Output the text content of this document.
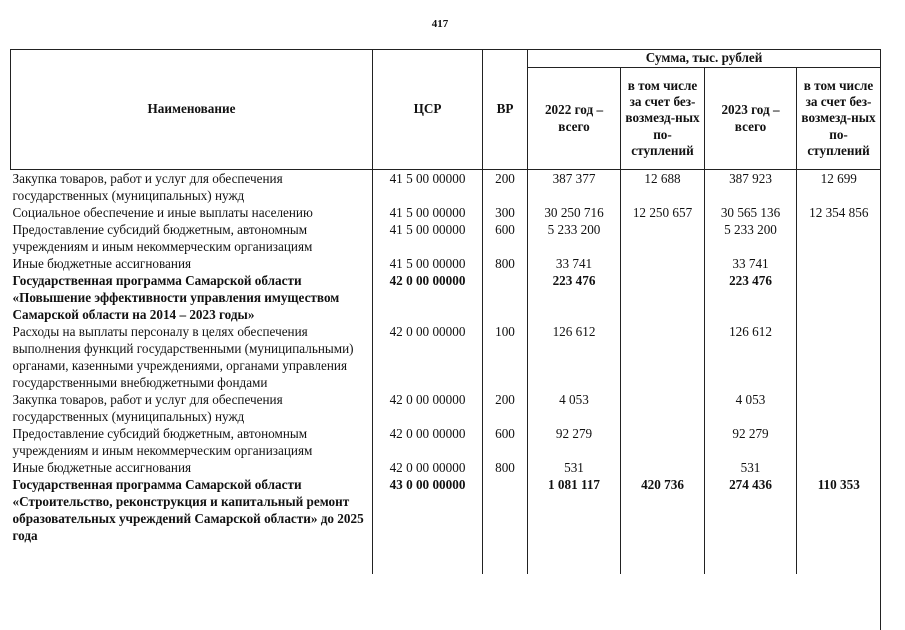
417
Наименование	ЦСР	ВР	Сумма, тыс. рублей			
			2022 год – всего	в том числе за счет без-возмезд-ных по-ступлений	2023 год – всего	в том числе за счет без-возмезд-ных по-ступлений
Закупка товаров, работ и услуг для обеспечения государственных (муниципальных) нужд	41 5 00 00000	200	387 377	12 688	387 923	12 699
Социальное обеспечение и иные выплаты населению	41 5 00 00000	300	30 250 716	12 250 657	30 565 136	12 354 856
Предоставление субсидий бюджетным, автономным учреждениям и иным некоммерческим организациям	41 5 00 00000	600	5 233 200		5 233 200	
Иные бюджетные ассигнования	41 5 00 00000	800	33 741		33 741	
Государственная программа Самарской области «Повышение эффективности управления имуществом Самарской области на 2014 – 2023 годы»	42 0 00 00000		223 476		223 476	
Расходы на выплаты персоналу в целях обеспечения выполнения функций государственными (муниципальными) органами, казенными учреждениями, органами управления государственными внебюджетными фондами	42 0 00 00000	100	126 612		126 612	
Закупка товаров, работ и услуг для обеспечения государственных (муниципальных) нужд	42 0 00 00000	200	4 053		4 053	
Предоставление субсидий бюджетным, автономным учреждениям и иным некоммерческим организациям	42 0 00 00000	600	92 279		92 279	
Иные бюджетные ассигнования	42 0 00 00000	800	531		531	
Государственная программа Самарской области «Строительство, реконструкция и капитальный ремонт образовательных учреждений Самарской области» до 2025 года	43 0 00 00000		1 081 117	420 736	274 436	110 353
